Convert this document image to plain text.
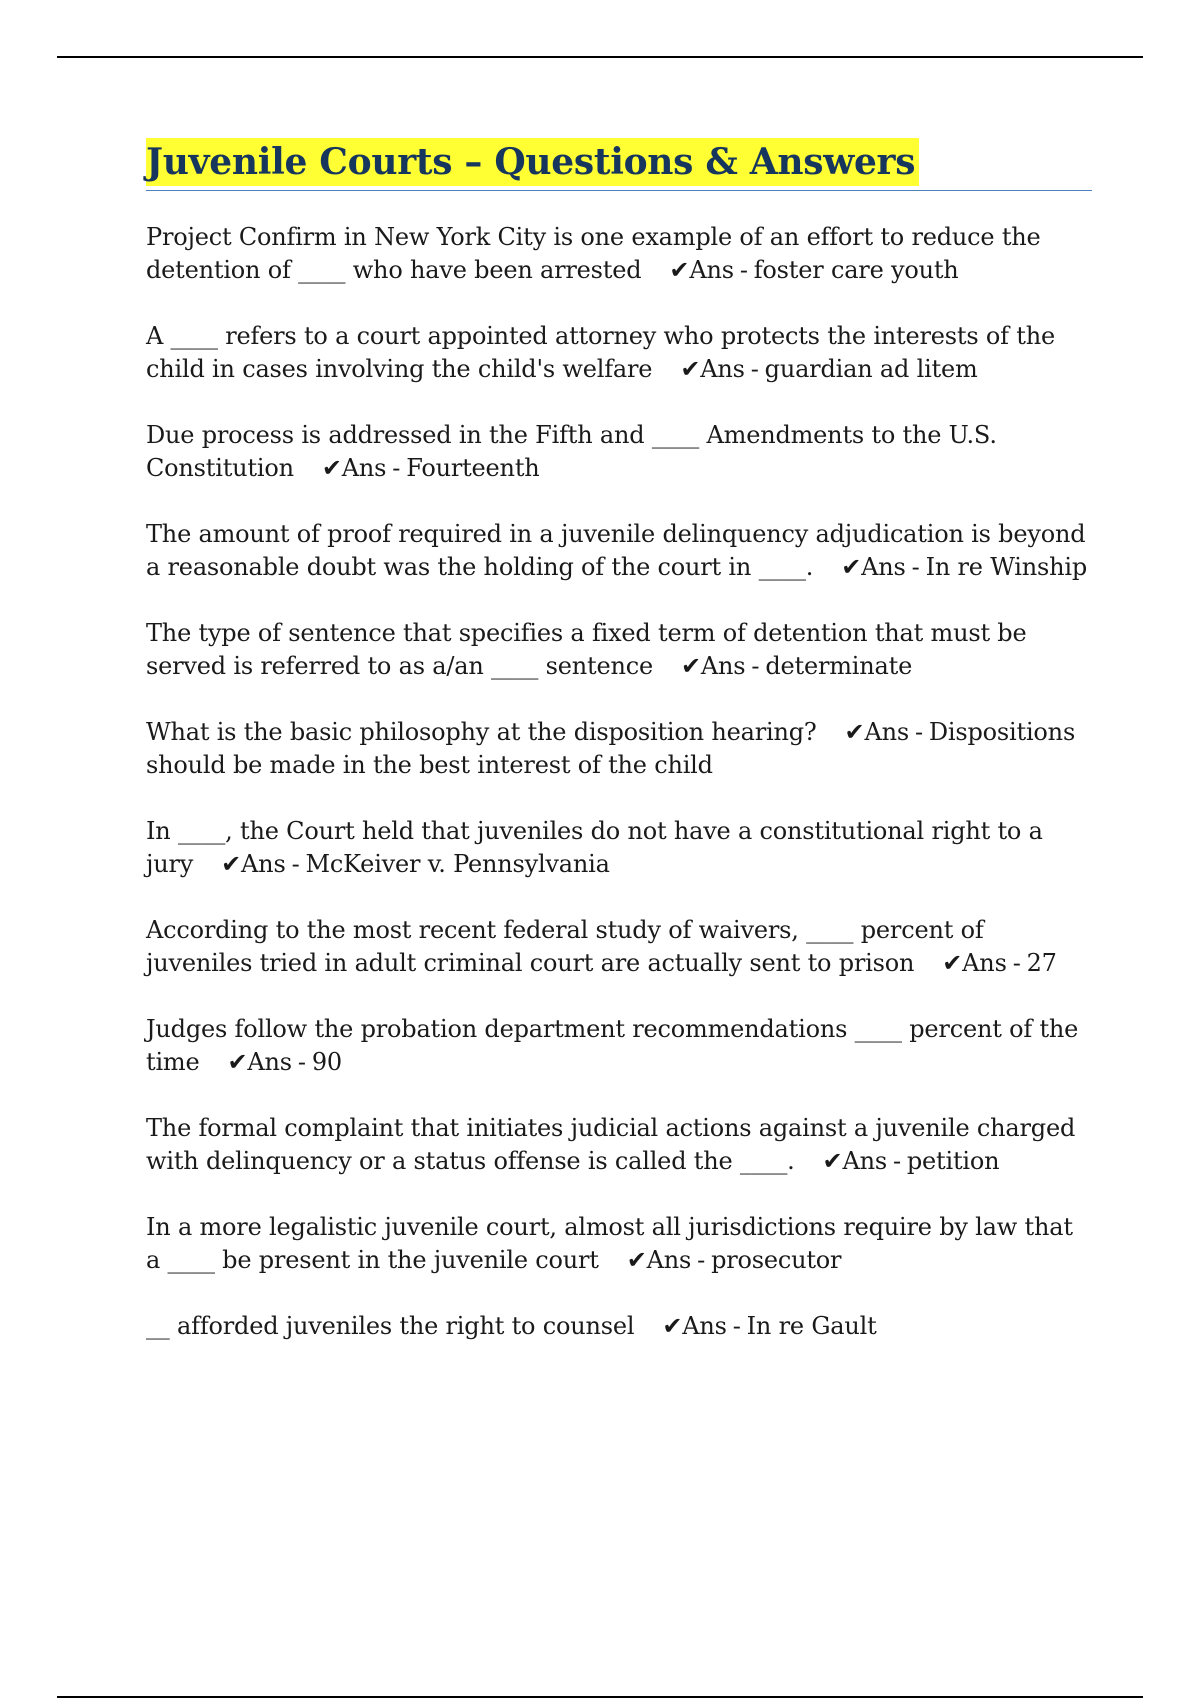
Juvenile Courts – Questions & Answers
Project Confirm in New York City is one example of an effort to reduce the detention of ____ who have been arrested ✔Ans - foster care youth
A ____ refers to a court appointed attorney who protects the interests of the child in cases involving the child's welfare ✔Ans - guardian ad litem
Due process is addressed in the Fifth and ____ Amendments to the U.S. Constitution ✔Ans - Fourteenth
The amount of proof required in a juvenile delinquency adjudication is beyond a reasonable doubt was the holding of the court in ____. ✔Ans - In re Winship
The type of sentence that specifies a fixed term of detention that must be served is referred to as a/an ____ sentence ✔Ans - determinate
What is the basic philosophy at the disposition hearing? ✔Ans - Dispositions should be made in the best interest of the child
In ____, the Court held that juveniles do not have a constitutional right to a jury ✔Ans - McKeiver v. Pennsylvania
According to the most recent federal study of waivers, ____ percent of juveniles tried in adult criminal court are actually sent to prison ✔Ans - 27
Judges follow the probation department recommendations ____ percent of the time ✔Ans - 90
The formal complaint that initiates judicial actions against a juvenile charged with delinquency or a status offense is called the ____. ✔Ans - petition
In a more legalistic juvenile court, almost all jurisdictions require by law that a ____ be present in the juvenile court ✔Ans - prosecutor
__ afforded juveniles the right to counsel ✔Ans - In re Gault
